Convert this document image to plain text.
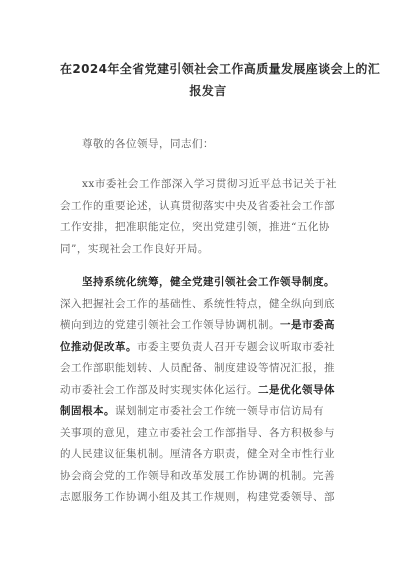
在2024年全省党建引领社会工作高质量发展座谈会上的汇
报发言
尊敬的各位领导，同志们：
xx市委社会工作部深入学习贯彻习近平总书记关于社
会工作的重要论述，认真贯彻落实中央及省委社会工作部
工作安排，把准职能定位，突出党建引领，推进“五化协
同”，实现社会工作良好开局。
坚持系统化统筹，健全党建引领社会工作领导制度。
深入把握社会工作的基础性、系统性特点，健全纵向到底
横向到边的党建引领社会工作领导协调机制。一是市委高
位推动促改革。市委主要负责人召开专题会议听取市委社
会工作部职能划转、人员配备、制度建设等情况汇报，推
动市委社会工作部及时实现实体化运行。二是优化领导体
制固根本。谋划制定市委社会工作统一领导市信访局有
关事项的意见，建立市委社会工作部指导、各方积极参与
的人民建议征集机制。厘清各方职责，健全对全市性行业
协会商会党的工作领导和改革发展工作协调的机制。完善
志愿服务工作协调小组及其工作规则，构建党委领导、部
